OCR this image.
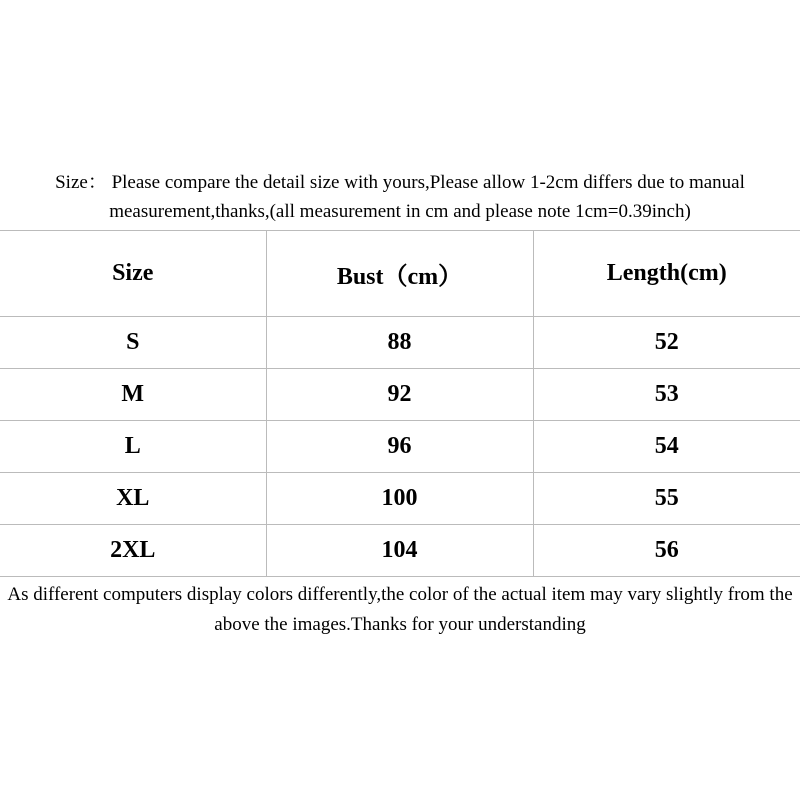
Size： Please compare the detail size with yours,Please allow 1-2cm differs due to manual
measurement,thanks,(all measurement in cm and please note 1cm=0.39inch)
Size	Bust（cm）	Length(cm)
S	88	52
M	92	53
L	96	54
XL	100	55
2XL	104	56
As different computers display colors differently,the color of the actual item may vary slightly from the
above the images.Thanks for your understanding
